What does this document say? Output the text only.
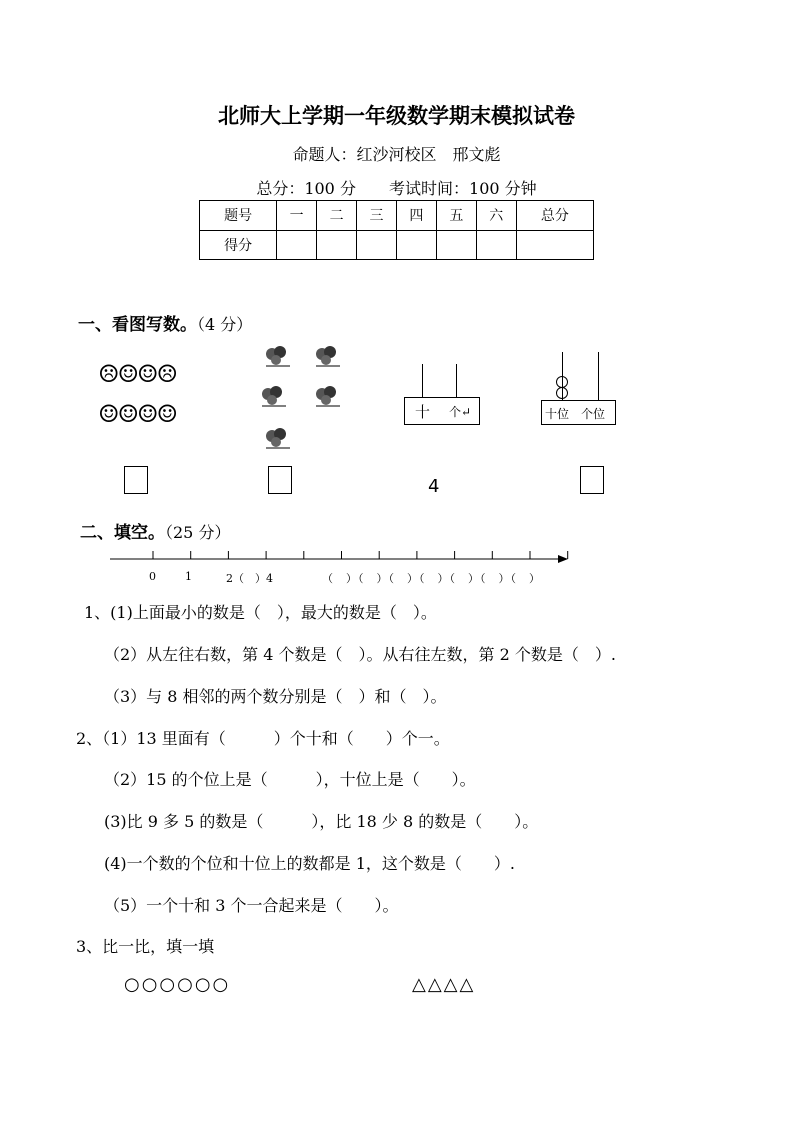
北师大上学期一年级数学期末模拟试卷
命题人：红沙河校区　邢文彪
总分：100 分 考试时间：100 分钟
题号	一	二	三	四	五	六	总分
得分							
一、看图写数。（4 分）
☹☺☺☹
☺☺☺☺	十 个↵	十位 个位
4
二、填空。（25 分）
0	1	2（　）4	（　）（　）（　）（　）（　）（　）（　）
1、(1)上面最小的数是（　），最大的数是（　）。
（2）从左往右数，第 4 个数是（　）。从右往左数，第 2 个数是（　）.
（3）与 8 相邻的两个数分别是（　）和（　）。
2、（1）13 里面有（　　　）个十和（　　）个一。
（2）15 的个位上是（　　　），十位上是（　　）。
(3)比 9 多 5 的数是（　　　），比 18 少 8 的数是（　　）。
(4)一个数的个位和十位上的数都是 1，这个数是（　　）.
（5）一个十和 3 个一合起来是（　　）。
3、比一比，填一填
○○○○○○	△△△△
